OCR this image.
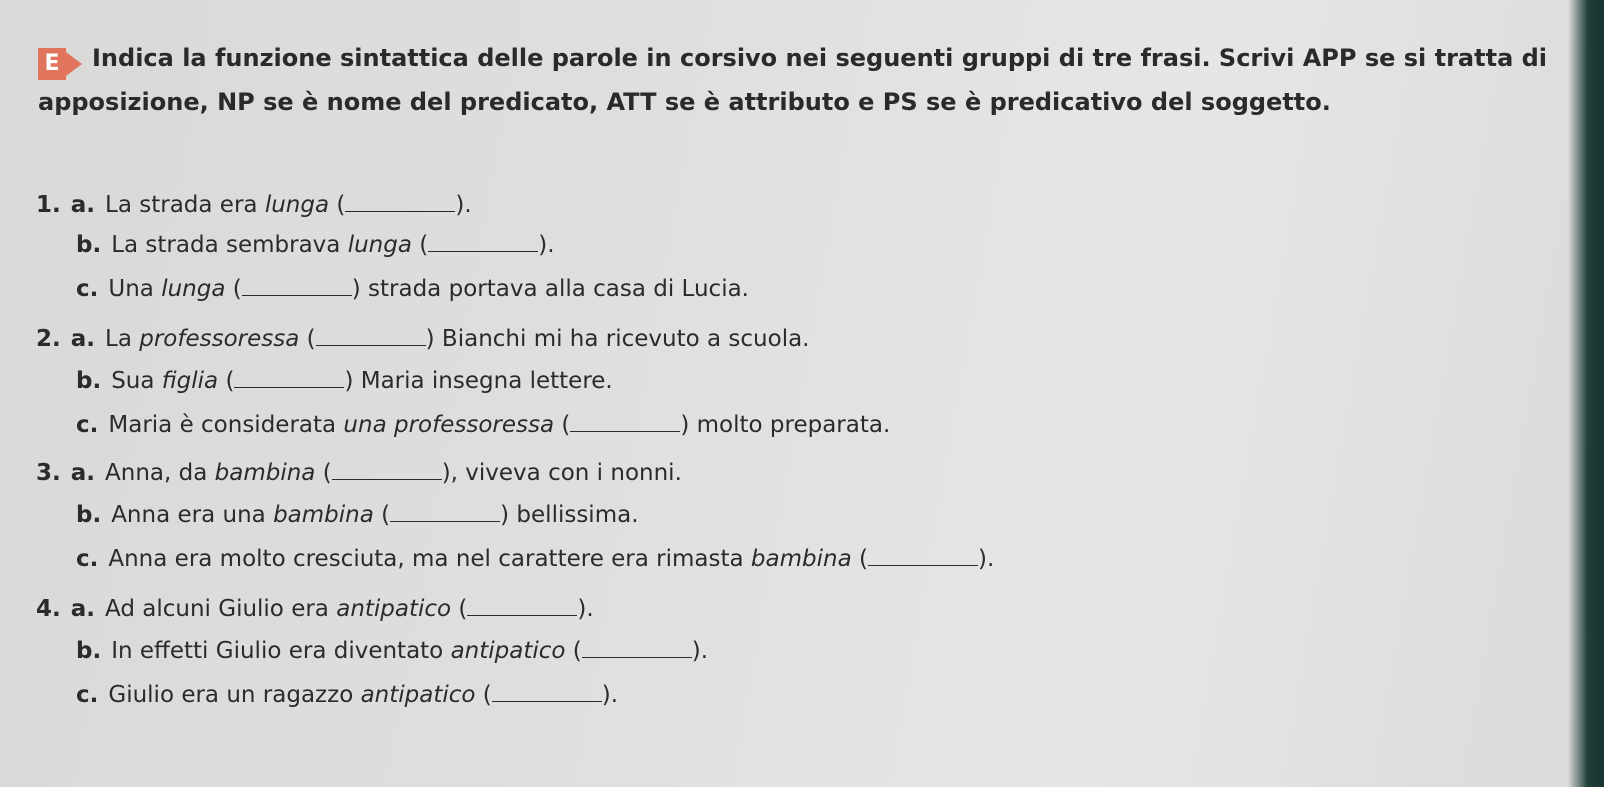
E Indica la funzione sintattica delle parole in corsivo nei seguenti gruppi di tre frasi. Scrivi APP se si tratta di apposizione, NP se è nome del predicato, ATT se è attributo e PS se è predicativo del soggetto.
1. a. La strada era lunga (	).
b. La strada sembrava lunga (	).
c. Una lunga (	) strada portava alla casa di Lucia.
2. a. La professoressa (	) Bianchi mi ha ricevuto a scuola.
b. Sua figlia (	) Maria insegna lettere.
c. Maria è considerata una professoressa (	) molto preparata.
3. a. Anna, da bambina (	), viveva con i nonni.
b. Anna era una bambina (	) bellissima.
c. Anna era molto cresciuta, ma nel carattere era rimasta bambina (	).
4. a. Ad alcuni Giulio era antipatico (	).
b. In effetti Giulio era diventato antipatico (	).
c. Giulio era un ragazzo antipatico (	).
